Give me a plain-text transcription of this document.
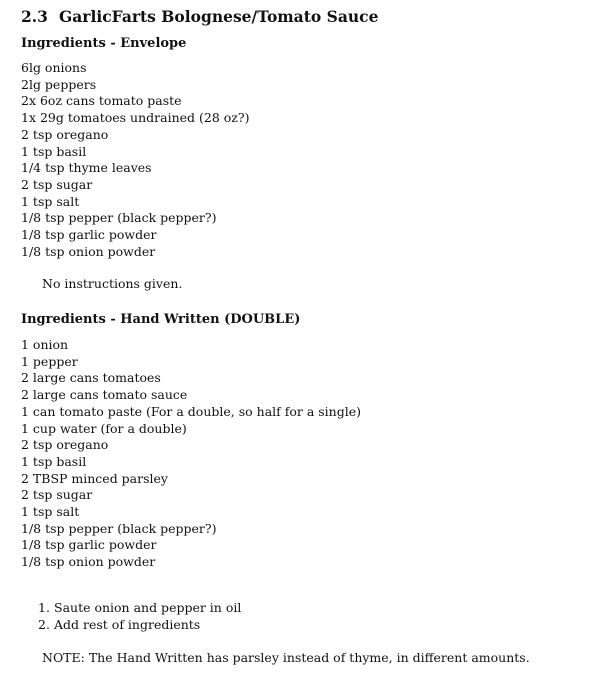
2.3 GarlicFarts Bolognese/Tomato Sauce
Ingredients - Envelope
6lg onions
2lg peppers
2x 6oz cans tomato paste
1x 29g tomatoes undrained (28 oz?)
2 tsp oregano
1 tsp basil
1/4 tsp thyme leaves
2 tsp sugar
1 tsp salt
1/8 tsp pepper (black pepper?)
1/8 tsp garlic powder
1/8 tsp onion powder
No instructions given.
Ingredients - Hand Written (DOUBLE)
1 onion
1 pepper
2 large cans tomatoes
2 large cans tomato sauce
1 can tomato paste (For a double, so half for a single)
1 cup water (for a double)
2 tsp oregano
1 tsp basil
2 TBSP minced parsley
2 tsp sugar
1 tsp salt
1/8 tsp pepper (black pepper?)
1/8 tsp garlic powder
1/8 tsp onion powder
1. Saute onion and pepper in oil
2. Add rest of ingredients
NOTE: The Hand Written has parsley instead of thyme, in different amounts.
